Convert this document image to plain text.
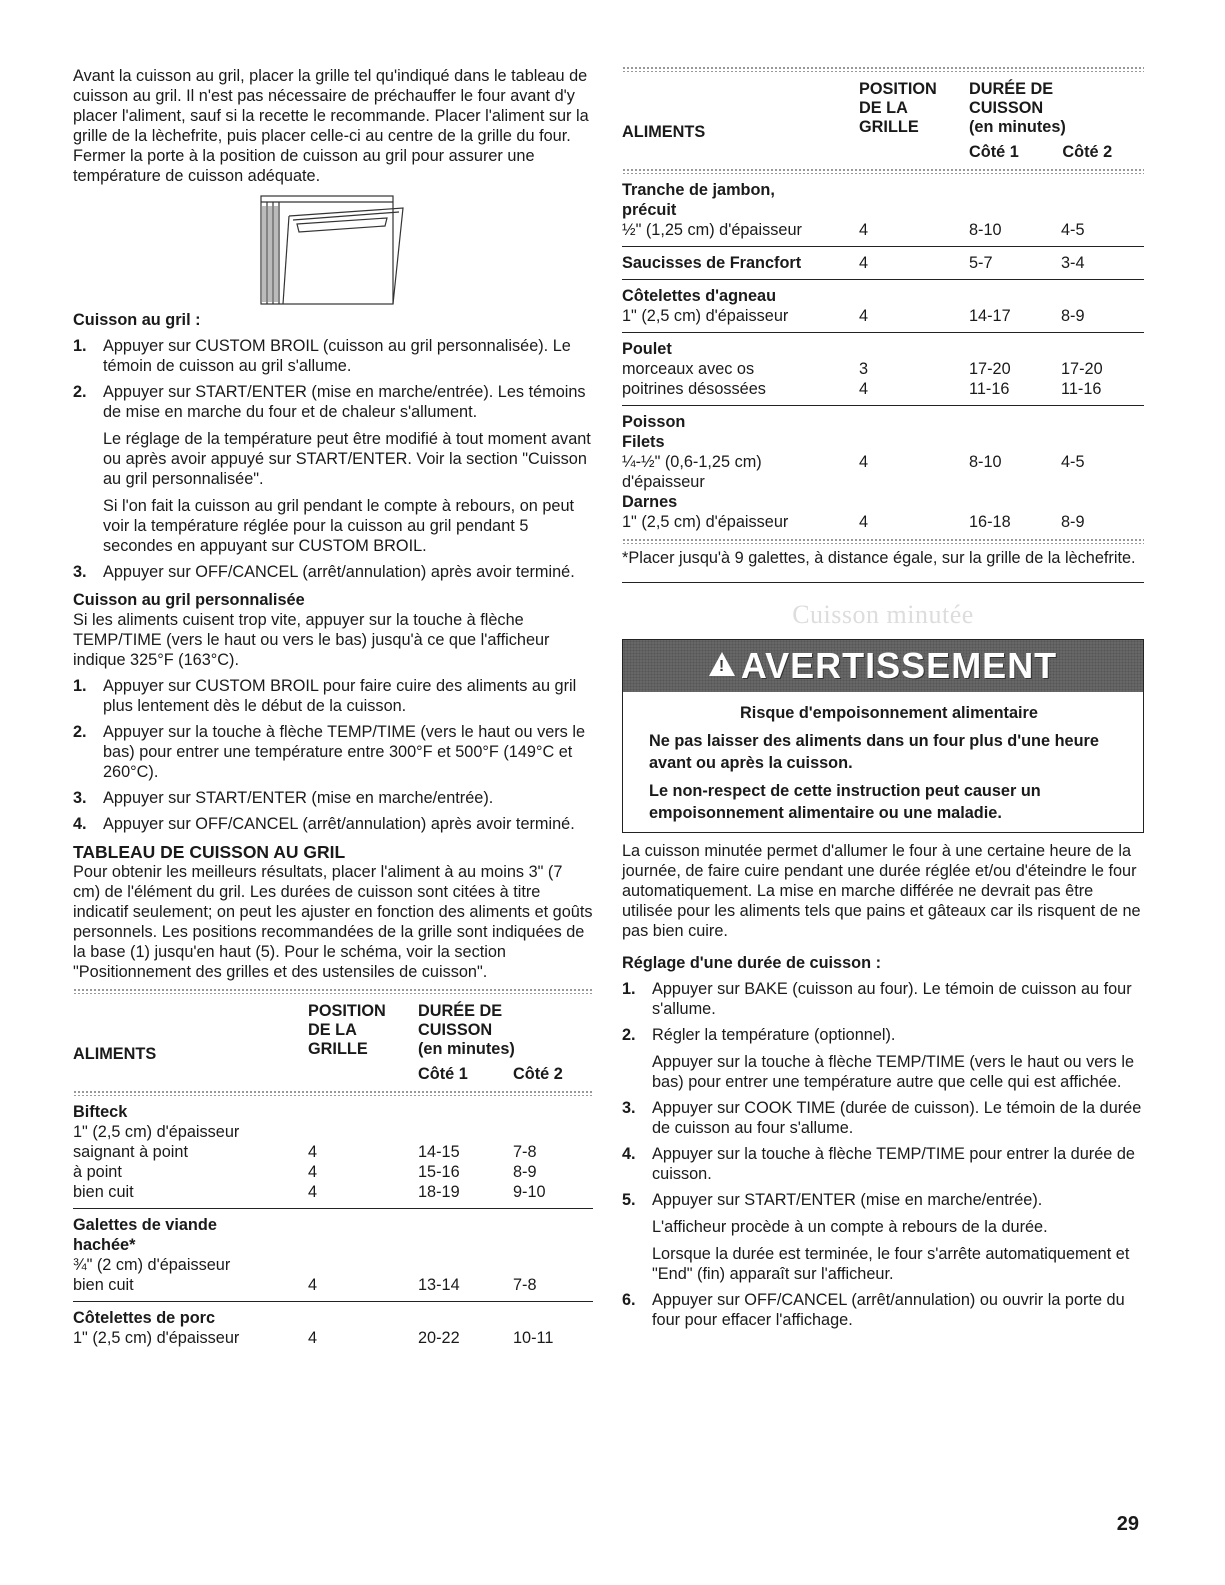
Avant la cuisson au gril, placer la grille tel qu'indiqué dans le tableau de cuisson au gril. Il n'est pas nécessaire de préchauffer le four avant d'y placer l'aliment, sauf si la recette le recommande. Placer l'aliment sur la grille de la lèchefrite, puis placer celle-ci au centre de la grille du four. Fermer la porte à la position de cuisson au gril pour assurer une température de cuisson adéquate.

Cuisson au gril :

1. Appuyer sur CUSTOM BROIL (cuisson au gril personnalisée). Le témoin de cuisson au gril s'allume.

2. Appuyer sur START/ENTER (mise en marche/entrée). Les témoins de mise en marche du four et de chaleur s'allument.

Le réglage de la température peut être modifié à tout moment avant ou après avoir appuyé sur START/ENTER. Voir la section "Cuisson au gril personnalisée".

Si l'on fait la cuisson au gril pendant le compte à rebours, on peut voir la température réglée pour la cuisson au gril pendant 5 secondes en appuyant sur CUSTOM BROIL.

3. Appuyer sur OFF/CANCEL (arrêt/annulation) après avoir terminé.

Cuisson au gril personnalisée

Si les aliments cuisent trop vite, appuyer sur la touche à flèche TEMP/TIME (vers le haut ou vers le bas) jusqu'à ce que l'afficheur indique 325°F (163°C).

1. Appuyer sur CUSTOM BROIL pour faire cuire des aliments au gril plus lentement dès le début de la cuisson.

2. Appuyer sur la touche à flèche TEMP/TIME (vers le haut ou vers le bas) pour entrer une température entre 300°F et 500°F (149°C et 260°C).

3. Appuyer sur START/ENTER (mise en marche/entrée).

4. Appuyer sur OFF/CANCEL (arrêt/annulation) après avoir terminé.

TABLEAU DE CUISSON AU GRIL

Pour obtenir les meilleurs résultats, placer l'aliment à au moins 3" (7 cm) de l'élément du gril. Les durées de cuisson sont citées à titre indicatif seulement; on peut les ajuster en fonction des aliments et goûts personnels. Les positions recommandées de la grille sont indiquées de la base (1) jusqu'en haut (5). Pour le schéma, voir la section "Positionnement des grilles et des ustensiles de cuisson".

ALIMENTS
POSITION
DE LA
GRILLE
DURÉE DE
CUISSON
(en minutes)
Côté 1	Côté 2
Bifteck
1" (2,5 cm) d'épaisseur
saignant à point	4	14-15	7-8
à point	4	15-16	8-9
bien cuit	4	18-19	9-10
Galettes de viande
hachée*
¾" (2 cm) d'épaisseur
bien cuit	4	13-14	7-8
Côtelettes de porc
1" (2,5 cm) d'épaisseur	4	20-22	10-11
ALIMENTS
POSITION
DE LA
GRILLE
DURÉE DE
CUISSON
(en minutes)
Côté 1	Côté 2
Tranche de jambon,
précuit
½" (1,25 cm) d'épaisseur	4	8-10	4-5
Saucisses de Francfort	4	5-7	3-4
Côtelettes d'agneau
1" (2,5 cm) d'épaisseur	4	14-17	8-9
Poulet
morceaux avec os	3	17-20	17-20
poitrines désossées	4	11-16	11-16
Poisson
Filets
¼-½" (0,6-1,25 cm)	4	8-10	4-5
d'épaisseur
Darnes
1" (2,5 cm) d'épaisseur	4	16-18	8-9

*Placer jusqu'à 9 galettes, à distance égale, sur la grille de la lèchefrite.

Cuisson minutée
! AVERTISSEMENT

Risque d'empoisonnement alimentaire

Ne pas laisser des aliments dans un four plus d'une heure avant ou après la cuisson.

Le non-respect de cette instruction peut causer un empoisonnement alimentaire ou une maladie.

La cuisson minutée permet d'allumer le four à une certaine heure de la journée, de faire cuire pendant une durée réglée et/ou d'éteindre le four automatiquement. La mise en marche différée ne devrait pas être utilisée pour les aliments tels que pains et gâteaux car ils risquent de ne pas bien cuire.

Réglage d'une durée de cuisson :

1. Appuyer sur BAKE (cuisson au four). Le témoin de cuisson au four s'allume.

2. Régler la température (optionnel).

Appuyer sur la touche à flèche TEMP/TIME (vers le haut ou vers le bas) pour entrer une température autre que celle qui est affichée.

3. Appuyer sur COOK TIME (durée de cuisson). Le témoin de la durée de cuisson au four s'allume.

4. Appuyer sur la touche à flèche TEMP/TIME pour entrer la durée de cuisson.

5. Appuyer sur START/ENTER (mise en marche/entrée).

L'afficheur procède à un compte à rebours de la durée.

Lorsque la durée est terminée, le four s'arrête automatiquement et "End" (fin) apparaît sur l'afficheur.

6. Appuyer sur OFF/CANCEL (arrêt/annulation) ou ouvrir la porte du four pour effacer l'affichage.

29
